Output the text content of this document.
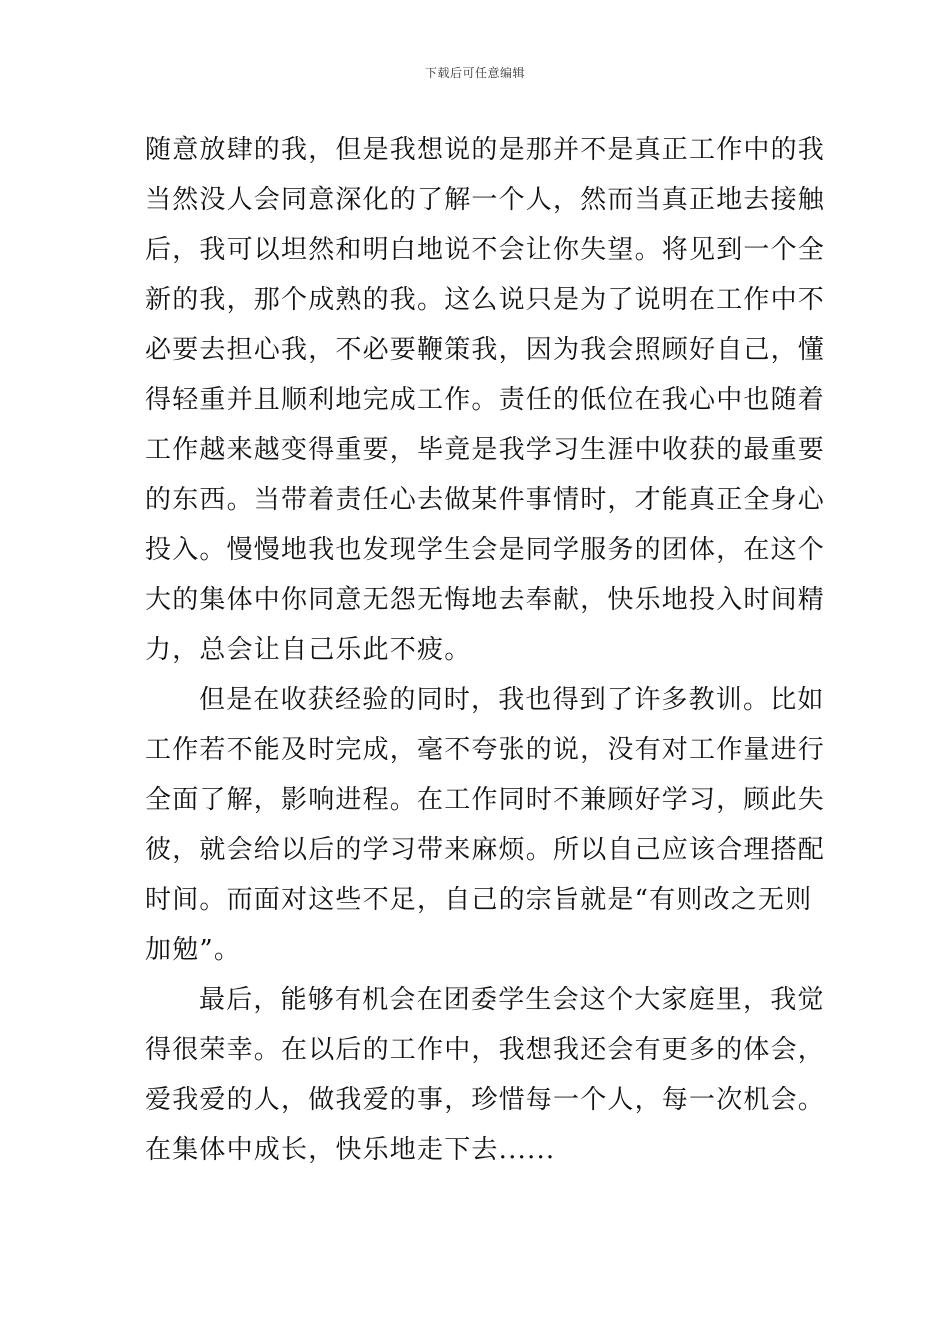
下载后可任意编辑
随意放肆的我，但是我想说的是那并不是真正工作中的我
当然没人会同意深化的了解一个人，然而当真正地去接触
后，我可以坦然和明白地说不会让你失望。将见到一个全
新的我，那个成熟的我。这么说只是为了说明在工作中不
必要去担心我，不必要鞭策我，因为我会照顾好自己，懂
得轻重并且顺利地完成工作。责任的低位在我心中也随着
工作越来越变得重要，毕竟是我学习生涯中收获的最重要
的东西。当带着责任心去做某件事情时，才能真正全身心
投入。慢慢地我也发现学生会是同学服务的团体，在这个
大的集体中你同意无怨无悔地去奉献，快乐地投入时间精
力，总会让自己乐此不疲。
但是在收获经验的同时，我也得到了许多教训。比如
工作若不能及时完成，毫不夸张的说，没有对工作量进行
全面了解，影响进程。在工作同时不兼顾好学习，顾此失
彼，就会给以后的学习带来麻烦。所以自己应该合理搭配
时间。而面对这些不足，自己的宗旨就是“有则改之无则
加勉”。
最后，能够有机会在团委学生会这个大家庭里，我觉
得很荣幸。在以后的工作中，我想我还会有更多的体会，
爱我爱的人，做我爱的事，珍惜每一个人，每一次机会。
在集体中成长，快乐地走下去......
